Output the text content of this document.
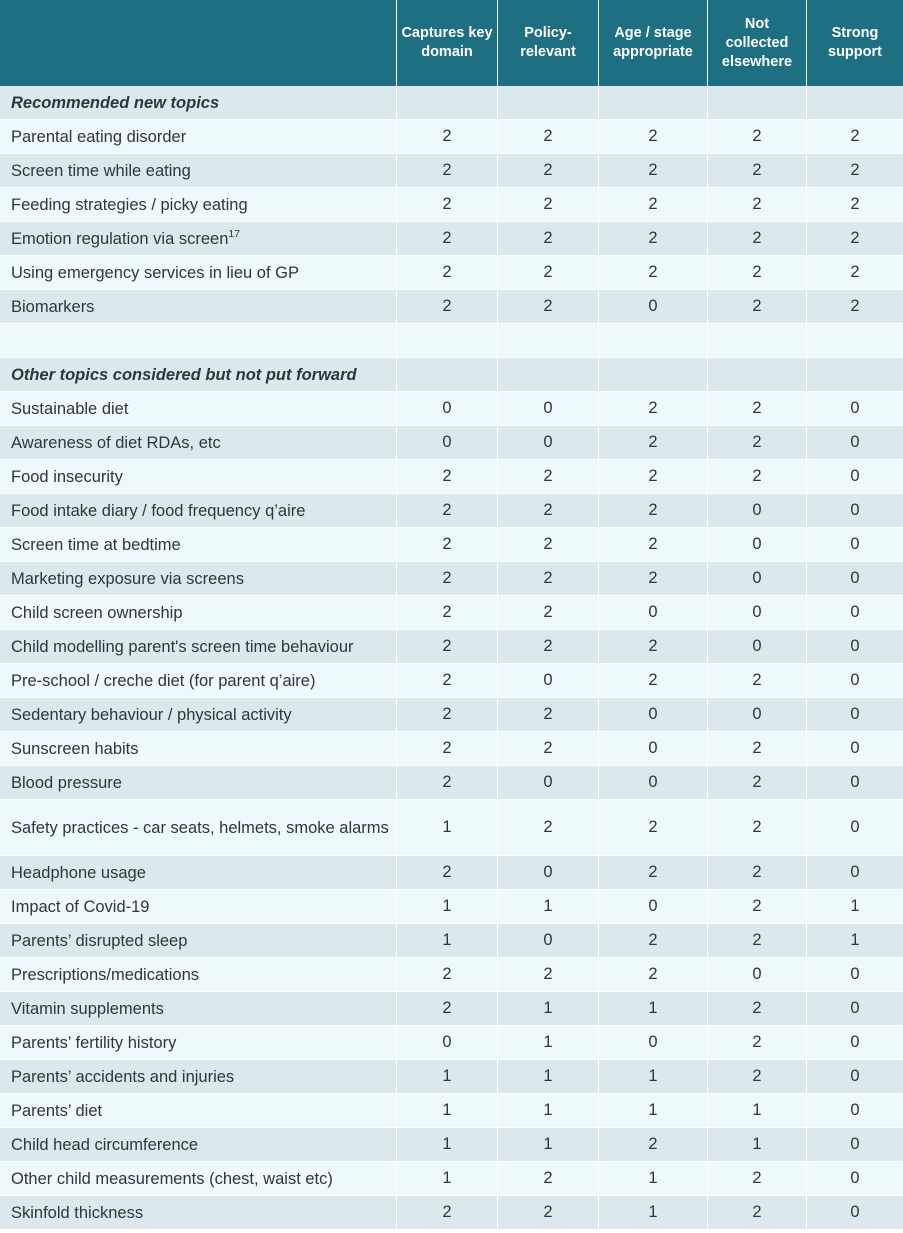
	Captures key domain	Policy-relevant	Age / stage appropriate	Not collected elsewhere	Strong support
Recommended new topics					
Parental eating disorder	2	2	2	2	2
Screen time while eating	2	2	2	2	2
Feeding strategies / picky eating	2	2	2	2	2
Emotion regulation via screen$^{17}$	2	2	2	2	2
Using emergency services in lieu of GP	2	2	2	2	2
Biomarkers	2	2	0	2	2

Other topics considered but not put forward					
Sustainable diet	0	0	2	2	0
Awareness of diet RDAs, etc	0	0	2	2	0
Food insecurity	2	2	2	2	0
Food intake diary / food frequency q’aire	2	2	2	0	0
Screen time at bedtime	2	2	2	0	0
Marketing exposure via screens	2	2	2	0	0
Child screen ownership	2	2	0	0	0
Child modelling parent's screen time behaviour	2	2	2	0	0
Pre-school / creche diet (for parent q’aire)	2	0	2	2	0
Sedentary behaviour / physical activity	2	2	0	0	0
Sunscreen habits	2	2	0	2	0
Blood pressure	2	0	0	2	0
Safety practices - car seats, helmets, smoke alarms	1	2	2	2	0
Headphone usage	2	0	2	2	0
Impact of Covid-19	1	1	0	2	1
Parents’ disrupted sleep	1	0	2	2	1
Prescriptions/medications	2	2	2	0	0
Vitamin supplements	2	1	1	2	0
Parents’ fertility history	0	1	0	2	0
Parents’ accidents and injuries	1	1	1	2	0
Parents’ diet	1	1	1	1	0
Child head circumference	1	1	2	1	0
Other child measurements (chest, waist etc)	1	2	1	2	0
Skinfold thickness	2	2	1	2	0
